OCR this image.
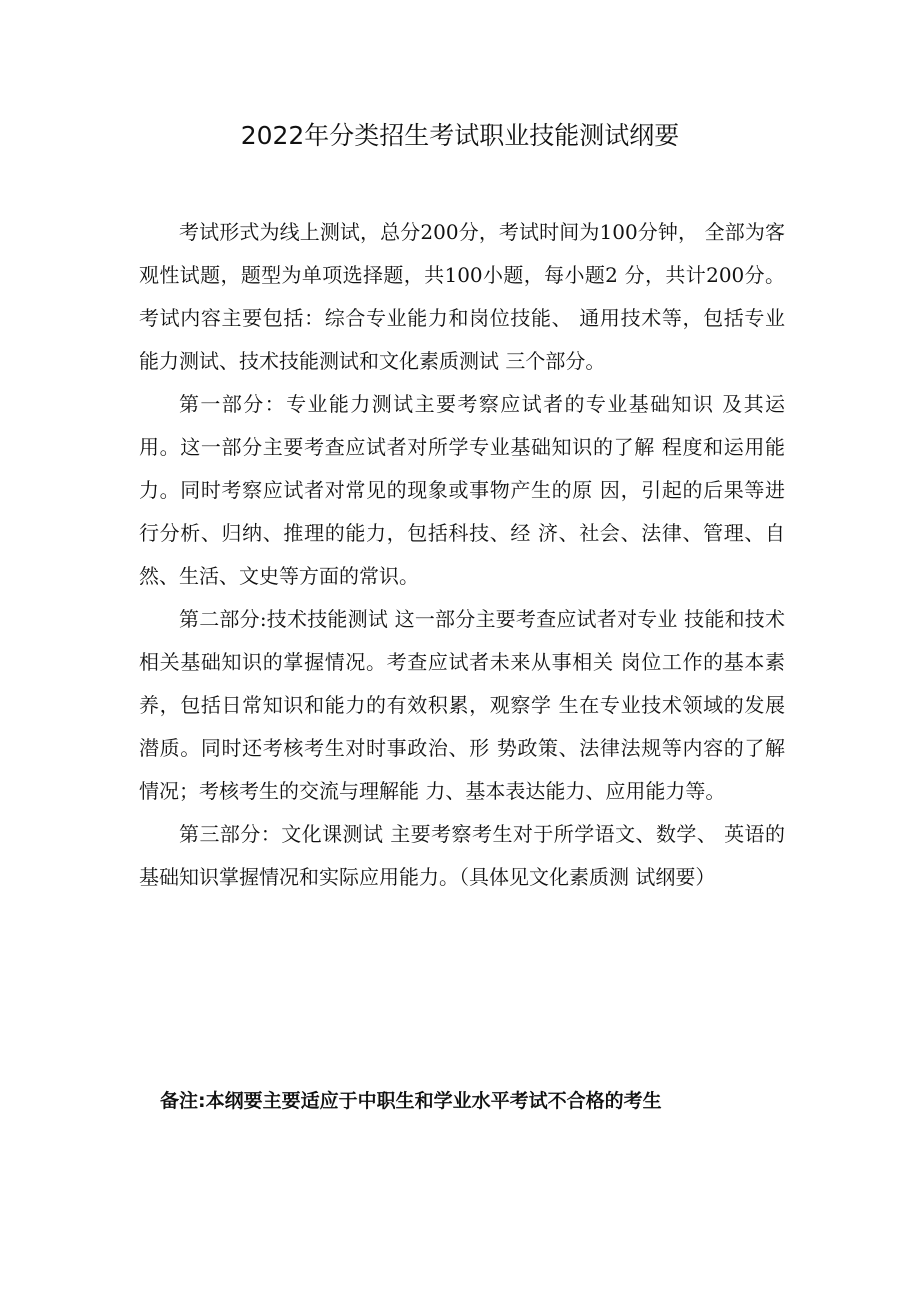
2022年分类招生考试职业技能测试纲要

考试形式为线上测试，总分200分，考试时间为100分钟， 全部为客观性试题，题型为单项选择题，共100小题，每小题2 分，共计200分。考试内容主要包括：综合专业能力和岗位技能、 通用技术等，包括专业能力测试、技术技能测试和文化素质测试 三个部分。

第一部分：专业能力测试主要考察应试者的专业基础知识 及其运用。这一部分主要考查应试者对所学专业基础知识的了解 程度和运用能力。同时考察应试者对常见的现象或事物产生的原 因，引起的后果等进行分析、归纳、推理的能力，包括科技、经 济、社会、法律、管理、自然、生活、文史等方面的常识。

第二部分:技术技能测试 这一部分主要考查应试者对专业 技能和技术相关基础知识的掌握情况。考查应试者未来从事相关 岗位工作的基本素养，包括日常知识和能力的有效积累，观察学 生在专业技术领域的发展潜质。同时还考核考生对时事政治、形 势政策、法律法规等内容的了解情况；考核考生的交流与理解能 力、基本表达能力、应用能力等。

第三部分：文化课测试 主要考察考生对于所学语文、数学、 英语的基础知识掌握情况和实际应用能力。（具体见文化素质测 试纲要）

备注:本纲要主要适应于中职生和学业水平考试不合格的考生
